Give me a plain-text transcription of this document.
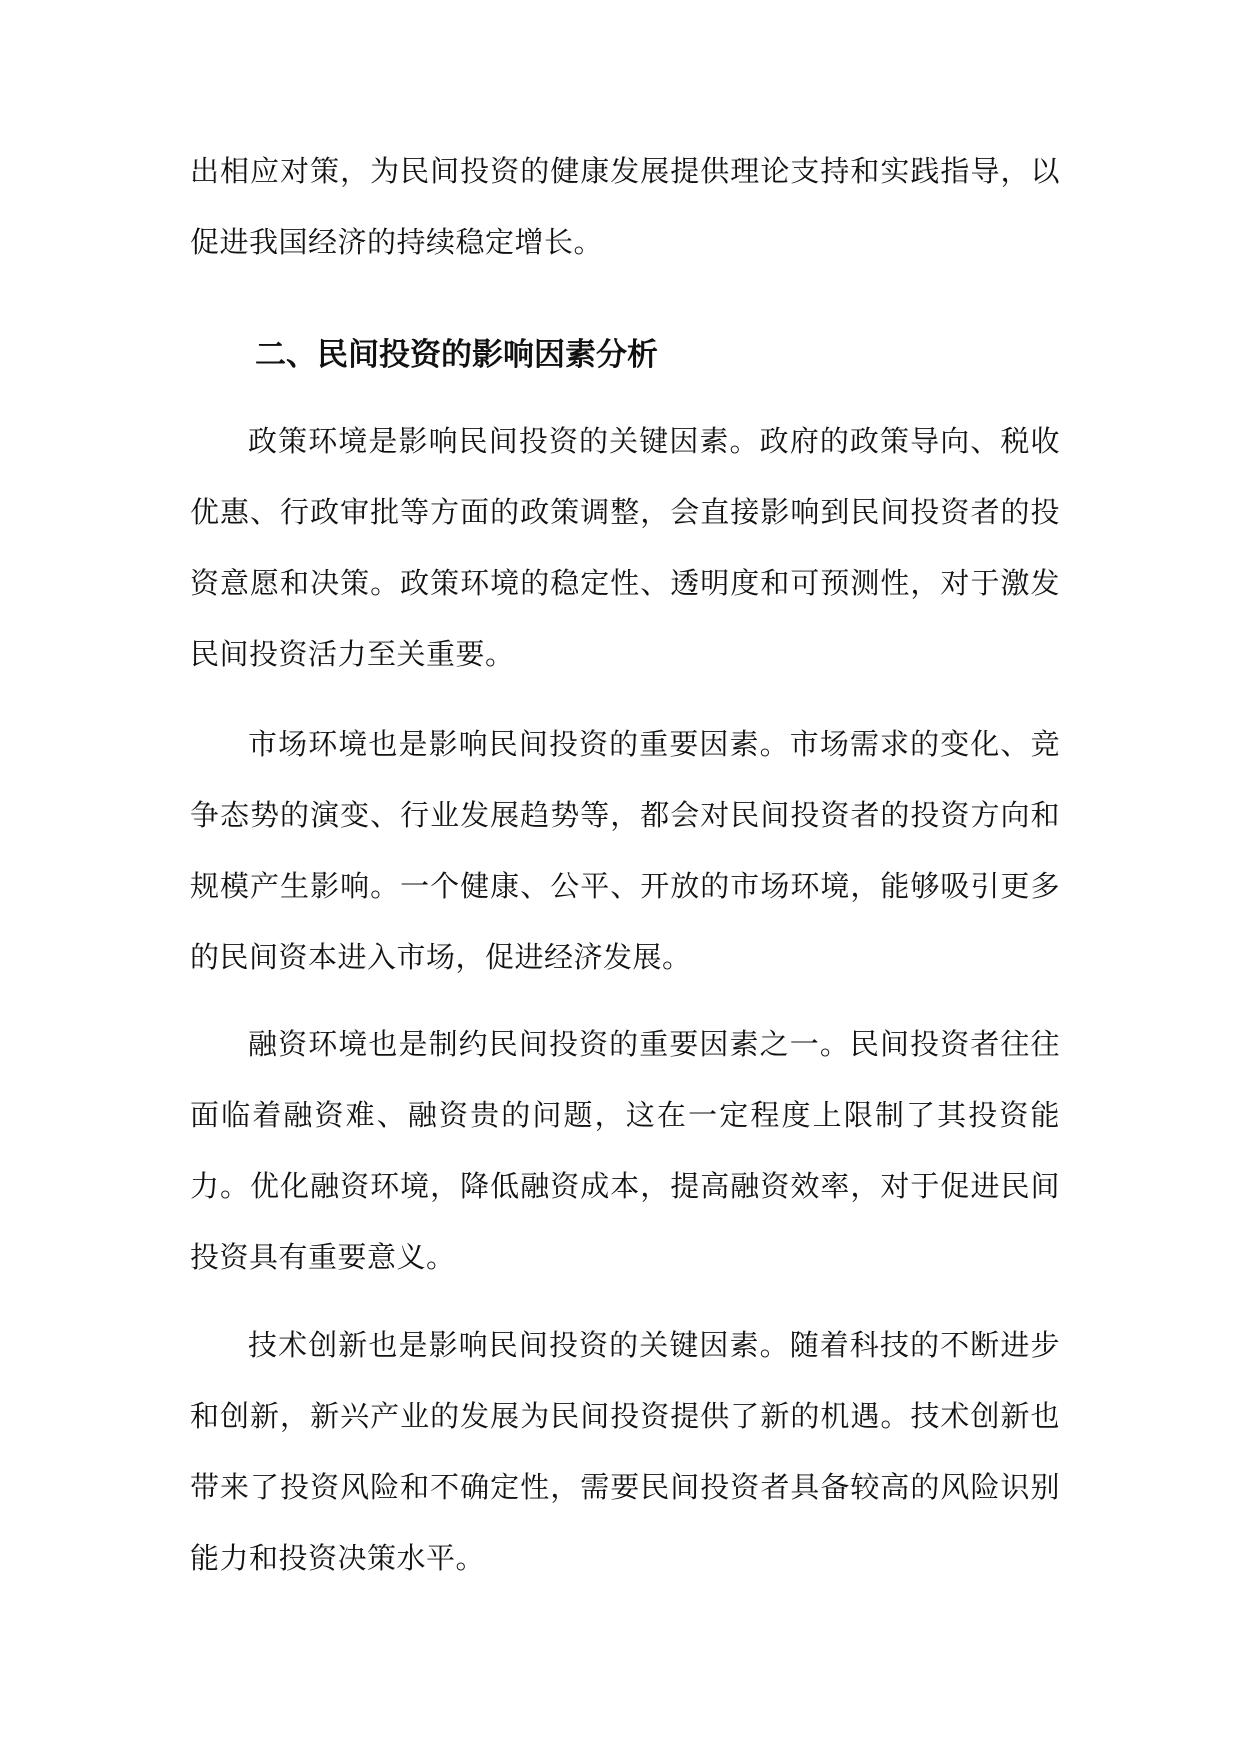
出相应对策，为民间投资的健康发展提供理论支持和实践指导，以促进我国经济的持续稳定增长。

二、民间投资的影响因素分析

政策环境是影响民间投资的关键因素。政府的政策导向、税收优惠、行政审批等方面的政策调整，会直接影响到民间投资者的投资意愿和决策。政策环境的稳定性、透明度和可预测性，对于激发民间投资活力至关重要。

市场环境也是影响民间投资的重要因素。市场需求的变化、竞争态势的演变、行业发展趋势等，都会对民间投资者的投资方向和规模产生影响。一个健康、公平、开放的市场环境，能够吸引更多的民间资本进入市场，促进经济发展。

融资环境也是制约民间投资的重要因素之一。民间投资者往往面临着融资难、融资贵的问题，这在一定程度上限制了其投资能力。优化融资环境，降低融资成本，提高融资效率，对于促进民间投资具有重要意义。

技术创新也是影响民间投资的关键因素。随着科技的不断进步和创新，新兴产业的发展为民间投资提供了新的机遇。技术创新也带来了投资风险和不确定性，需要民间投资者具备较高的风险识别能力和投资决策水平。
